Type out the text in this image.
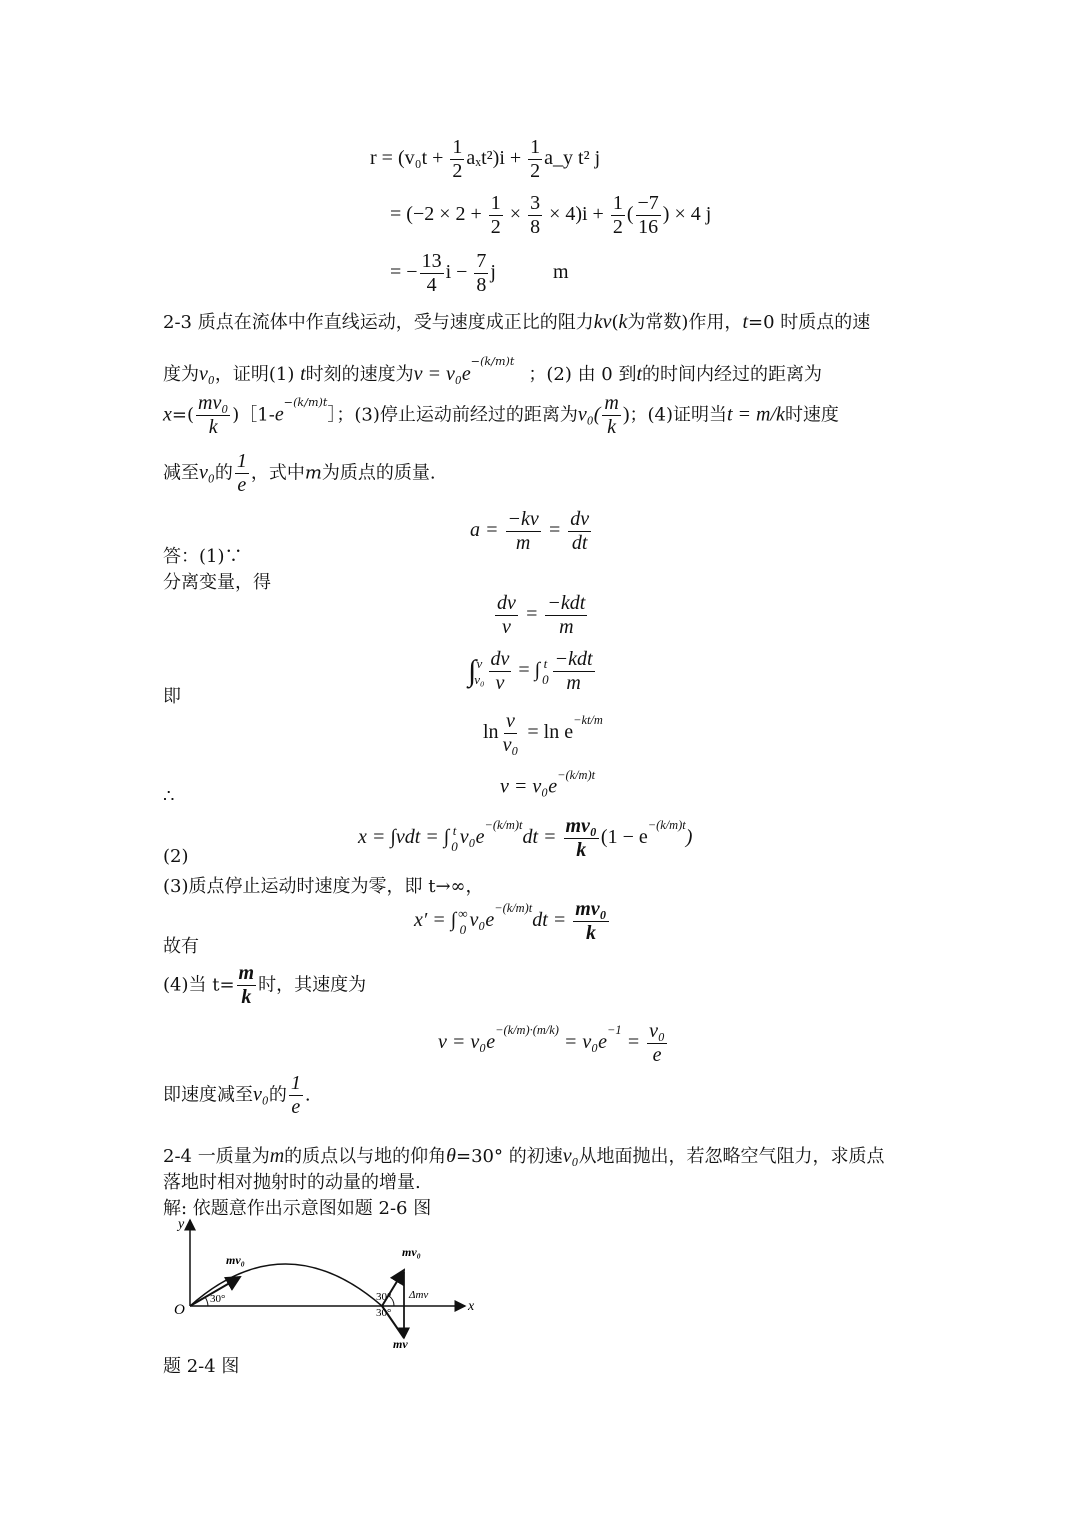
$r = (v_0t + \frac{1}{2} a_xt^2)i + \frac{1}{2}$ a_y t² j
= $(-2 \times 2 + \frac{1}{2} \times \frac{3}{8} \times 4)i + \frac{1}{2}$ ( $\frac{-7}{16}$ ) × 4 j
= − $\frac{13}{4}$ $i - \frac{7}{8}$ j	m
2-3 质点在流体中作直线运动，受与速度成正比的阻力kv(k为常数)作用，t=0 时质点的速
度为v₀，证明(1) t时刻的速度为$v = v_0e^{-(k/m)t}$；(2) 由 0 到t的时间内经过的距离为
$x=( \frac{\text{mv₀}}{k}$ )$[1-e^{-(k/m)t}]$；(3)停止运动前经过的距离为$v_0( \frac{m}{k}$ )；(4)证明当t = m/k时速度
减至v₀的 $\frac{1}{e}$ ，式中m为质点的质量.
$a = \frac{-kv}{m} = \frac{dv}{dt}$
答：(1)∵
分离变量，得
$\frac{dv}{v} = \frac{\text{−kdt}}{m}$
∫ v
$v_0 \frac{dv}{v}$ = ∫ t
$0 \frac{\text{−kdt}}{m}$
即
$\ln \frac{v}{\text{v₀}} = \ln e^{-kt/m}$
$v = v_0e^{-(k/m)t}$
∴
x = ∫vdt = ∫ t
0 $v_0e^{-(k/m)t}dt = \frac{\text{mv₀}}{k} (1 - e^{-(k/m)t})$
(2)
(3)质点停止运动时速度为零，即 t→∞，
x′ = ∫ ∞
0 $v_0e^{-(k/m)t}dt = \frac{\text{mv₀}}{k}$
故有
(4)当 $t= \frac{m}{k}$ 时，其速度为
$v = v_0e^{-(k/m)\cdot(m/k)} = v_0e^{-1} = \frac{\text{v₀}}{e}$
即速度减至v₀的 $\frac{1}{e}$ .
2-4 一质量为m的质点以与地的仰角θ=30° 的初速v₀从地面抛出，若忽略空气阻力，求质点
落地时相对抛射时的动量的增量.
解: 依题意作出示意图如题 2-6 图
y
x
O
mv₀
mv₀
mv
Δmv
30°	30°
30°
题 2-4 图
